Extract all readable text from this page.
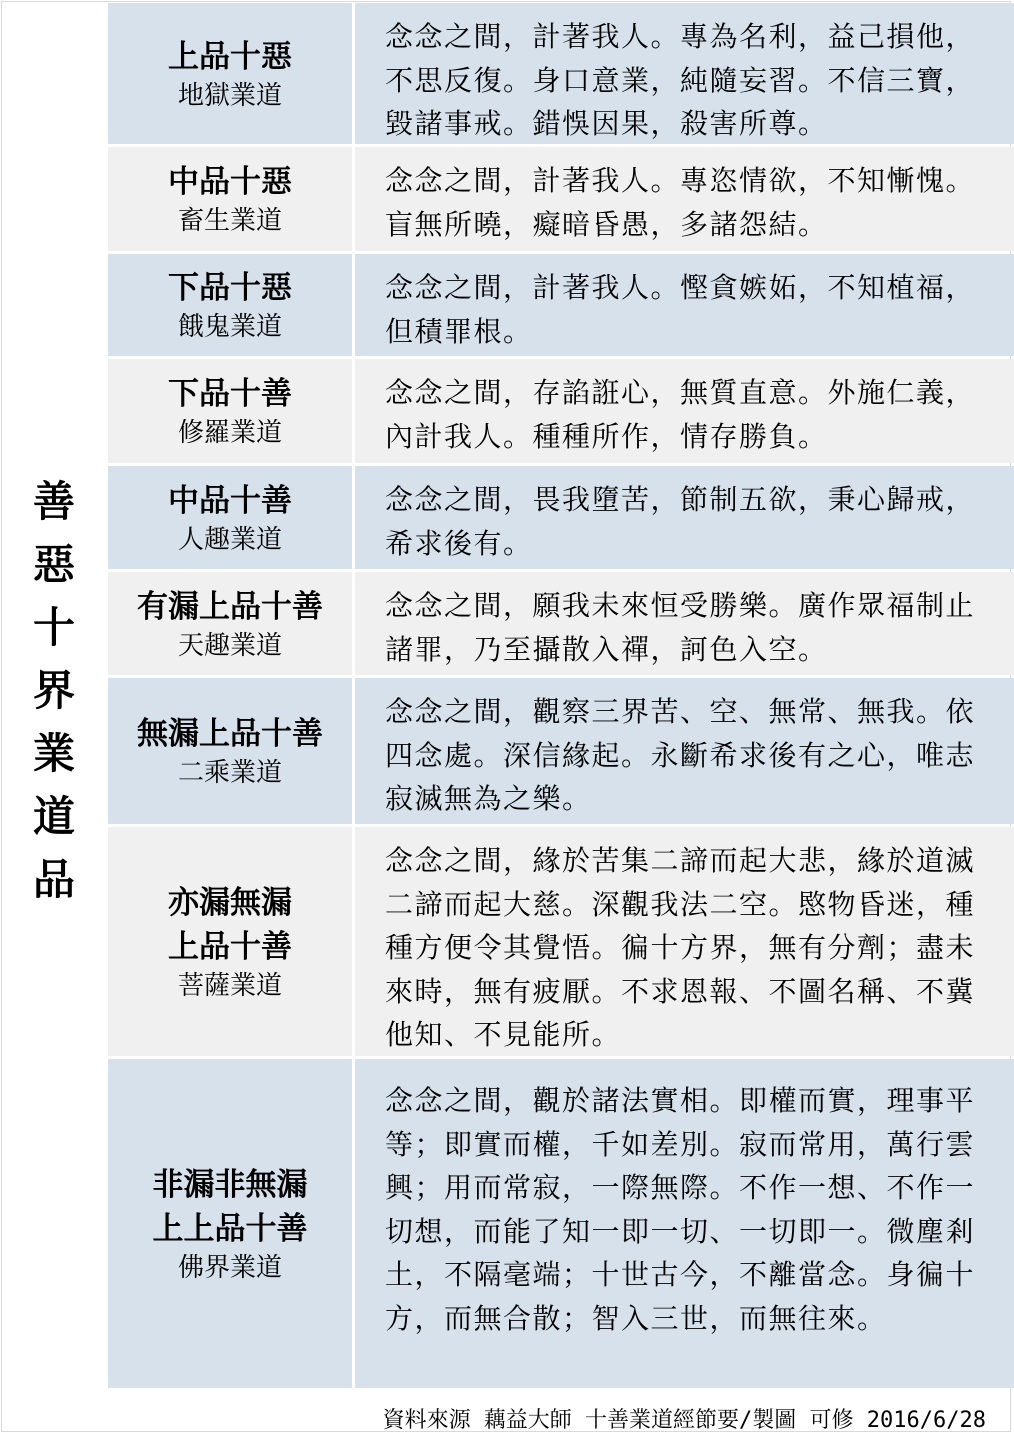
善
惡
十
界
業
道
品
上品十惡
地獄業道
念念之間，計著我人。專為名利，益己損他，不思反復。身口意業，純隨妄習。不信三寶，毀諸事戒。錯悞因果，殺害所尊。
中品十惡
畜生業道
念念之間，計著我人。專恣情欲，不知慚愧。盲無所曉，癡暗昏愚，多諸怨結。
下品十惡
餓鬼業道
念念之間，計著我人。慳貪嫉妬，不知植福，但積罪根。
下品十善
修羅業道
念念之間，存諂誑心，無質直意。外施仁義，內計我人。種種所作，情存勝負。
中品十善
人趣業道
念念之間，畏我墮苦，節制五欲，秉心歸戒，希求後有。
有漏上品十善
天趣業道
念念之間，願我未來恒受勝樂。廣作眾福制止諸罪，乃至攝散入禪，訶色入空。
無漏上品十善
二乘業道
念念之間，觀察三界苦、空、無常、無我。依四念處。深信緣起。永斷希求後有之心，唯志寂滅無為之樂。
亦漏無漏
上品十善
菩薩業道
念念之間，緣於苦集二諦而起大悲，緣於道滅二諦而起大慈。深觀我法二空。愍物昏迷，種種方便令其覺悟。徧十方界，無有分劑；盡未來時，無有疲厭。不求恩報、不圖名稱、不冀他知、不見能所。
非漏非無漏
上上品十善
佛界業道
念念之間，觀於諸法實相。即權而實，理事平等；即實而權，千如差別。寂而常用，萬行雲興；用而常寂，一際無際。不作一想、不作一切想，而能了知一即一切、一切即一。微塵剎土，不隔毫端；十世古今，不離當念。身徧十方，而無合散；智入三世，而無往來。
資料來源 藕益大師 十善業道經節要/製圖 可修 2016/6/28
